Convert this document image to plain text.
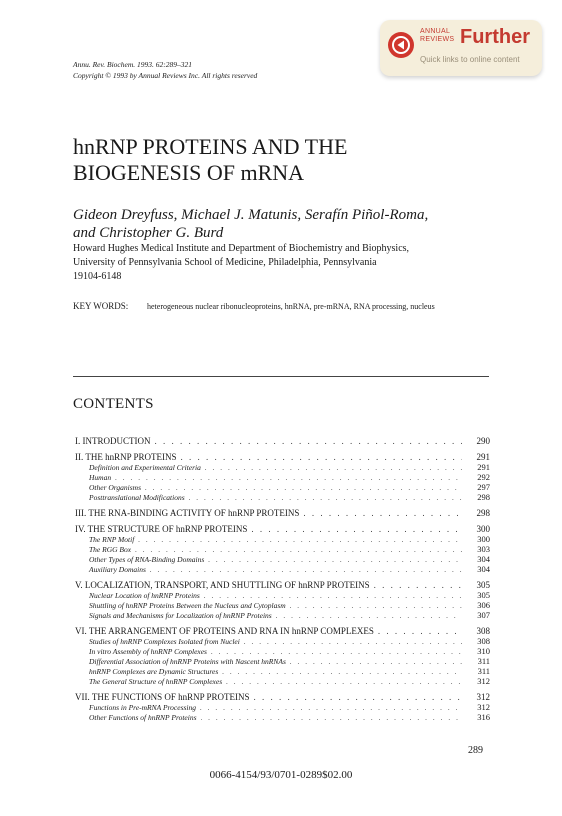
ANNUAL
REVIEWS Further
Quick links to online content
Annu. Rev. Biochem. 1993. 62:289–321
Copyright © 1993 by Annual Reviews Inc. All rights reserved
hnRNP PROTEINS AND THE
BIOGENESIS OF mRNA
Gideon Dreyfuss, Michael J. Matunis, Serafín Piñol-Roma,
and Christopher G. Burd
Howard Hughes Medical Institute and Department of Biochemistry and Biophysics,
University of Pennsylvania School of Medicine, Philadelphia, Pennsylvania
19104-6148
KEY WORDS: heterogeneous nuclear ribonucleoproteins, hnRNA, pre-mRNA, RNA processing, nucleus
CONTENTS
I. INTRODUCTION . . .	290
II. THE hnRNP PROTEINS . . .	291
Definition and Experimental Criteria . . .	291
Human . . .	292
Other Organisms . . .	297
Posttranslational Modifications . . .	298
III. THE RNA-BINDING ACTIVITY OF hnRNP PROTEINS . . .	298
IV. THE STRUCTURE OF hnRNP PROTEINS . . .	300
The RNP Motif . . .	300
The RGG Box . . .	303
Other Types of RNA-Binding Domains . . .	304
Auxiliary Domains . . .	304
V. LOCALIZATION, TRANSPORT, AND SHUTTLING OF hnRNP PROTEINS . . .	305
Nuclear Location of hnRNP Proteins . . .	305
Shuttling of hnRNP Proteins Between the Nucleus and Cytoplasm . . .	306
Signals and Mechanisms for Localization of hnRNP Proteins . . .	307
VI. THE ARRANGEMENT OF PROTEINS AND RNA IN hnRNP COMPLEXES . . .	308
Studies of hnRNP Complexes Isolated from Nuclei . . .	308
In vitro Assembly of hnRNP Complexes . . .	310
Differential Association of hnRNP Proteins with Nascent hnRNAs . . .	311
hnRNP Complexes are Dynamic Structures . . .	311
The General Structure of hnRNP Complexes . . .	312
VII. THE FUNCTIONS OF hnRNP PROTEINS . . .	312
Functions in Pre-mRNA Processing . . .	312
Other Functions of hnRNP Proteins . . .	316
289
0066-4154/93/0701-0289$02.00
